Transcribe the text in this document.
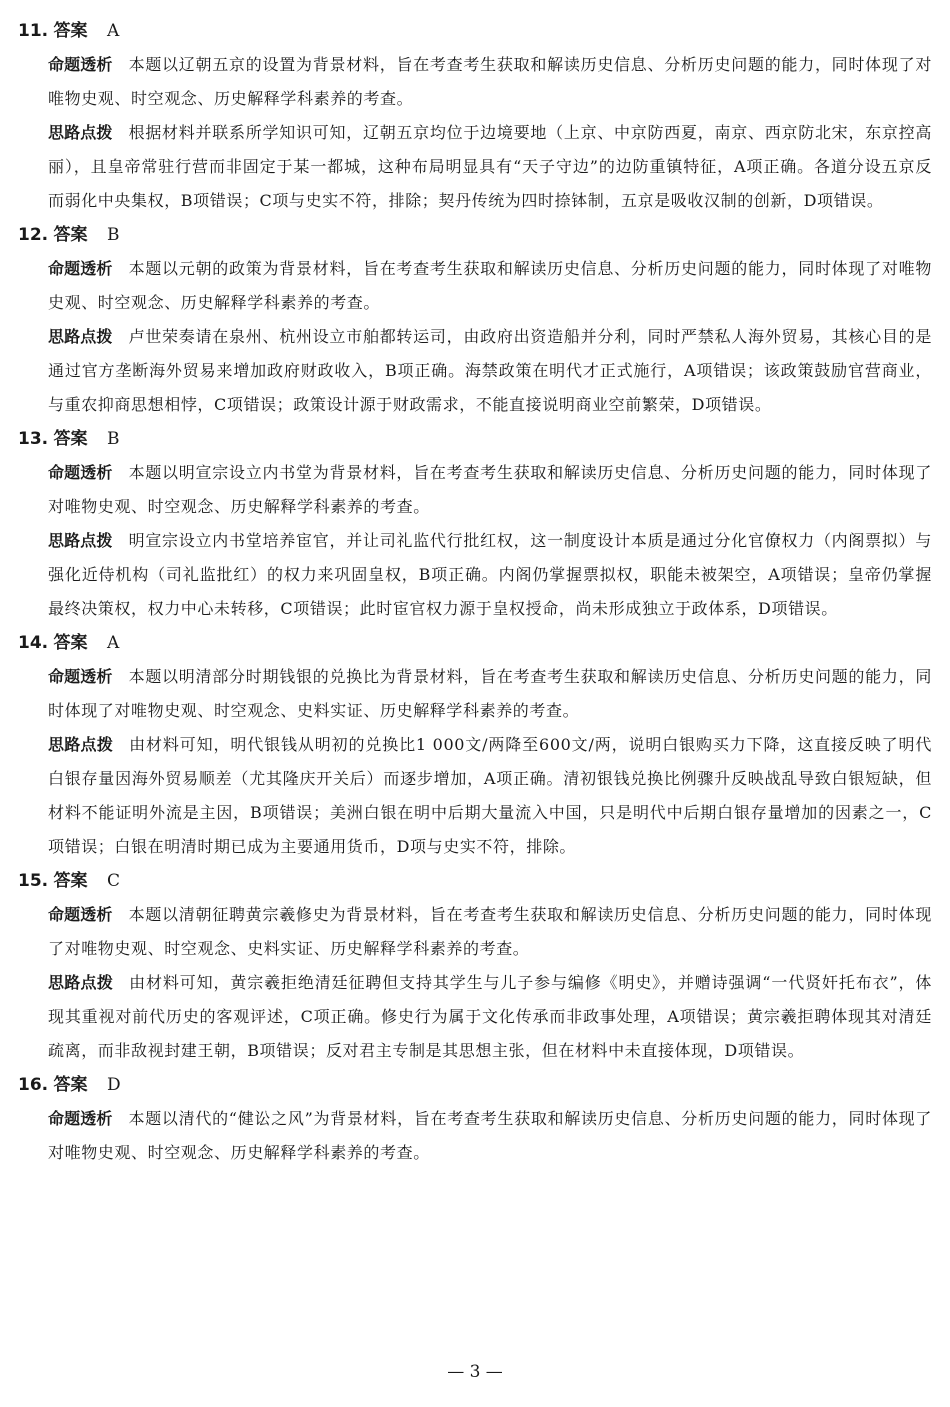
11. 答案 A

命题透析 本题以辽朝五京的设置为背景材料，旨在考查考生获取和解读历史信息、分析历史问题的能力，同时体现了对唯物史观、时空观念、历史解释学科素养的考查。

思路点拨 根据材料并联系所学知识可知，辽朝五京均位于边境要地（上京、中京防西夏，南京、西京防北宋，东京控高丽），且皇帝常驻行营而非固定于某一都城，这种布局明显具有“天子守边”的边防重镇特征，A项正确。各道分设五京反而弱化中央集权，B项错误；C项与史实不符，排除；契丹传统为四时捺钵制，五京是吸收汉制的创新，D项错误。

12. 答案 B

命题透析 本题以元朝的政策为背景材料，旨在考查考生获取和解读历史信息、分析历史问题的能力，同时体现了对唯物史观、时空观念、历史解释学科素养的考查。

思路点拨 卢世荣奏请在泉州、杭州设立市舶都转运司，由政府出资造船并分利，同时严禁私人海外贸易，其核心目的是通过官方垄断海外贸易来增加政府财政收入，B项正确。海禁政策在明代才正式施行，A项错误；该政策鼓励官营商业，与重农抑商思想相悖，C项错误；政策设计源于财政需求，不能直接说明商业空前繁荣，D项错误。

13. 答案 B

命题透析 本题以明宣宗设立内书堂为背景材料，旨在考查考生获取和解读历史信息、分析历史问题的能力，同时体现了对唯物史观、时空观念、历史解释学科素养的考查。

思路点拨 明宣宗设立内书堂培养宦官，并让司礼监代行批红权，这一制度设计本质是通过分化官僚权力（内阁票拟）与强化近侍机构（司礼监批红）的权力来巩固皇权，B项正确。内阁仍掌握票拟权，职能未被架空，A项错误；皇帝仍掌握最终决策权，权力中心未转移，C项错误；此时宦官权力源于皇权授命，尚未形成独立于政体系，D项错误。

14. 答案 A

命题透析 本题以明清部分时期钱银的兑换比为背景材料，旨在考查考生获取和解读历史信息、分析历史问题的能力，同时体现了对唯物史观、时空观念、史料实证、历史解释学科素养的考查。

思路点拨 由材料可知，明代银钱从明初的兑换比1 000文/两降至600文/两，说明白银购买力下降，这直接反映了明代白银存量因海外贸易顺差（尤其隆庆开关后）而逐步增加，A项正确。清初银钱兑换比例骤升反映战乱导致白银短缺，但材料不能证明外流是主因，B项错误；美洲白银在明中后期大量流入中国，只是明代中后期白银存量增加的因素之一，C项错误；白银在明清时期已成为主要通用货币，D项与史实不符，排除。

15. 答案 C

命题透析 本题以清朝征聘黄宗羲修史为背景材料，旨在考查考生获取和解读历史信息、分析历史问题的能力，同时体现了对唯物史观、时空观念、史料实证、历史解释学科素养的考查。

思路点拨 由材料可知，黄宗羲拒绝清廷征聘但支持其学生与儿子参与编修《明史》，并赠诗强调“一代贤奸托布衣”，体现其重视对前代历史的客观评述，C项正确。修史行为属于文化传承而非政事处理，A项错误；黄宗羲拒聘体现其对清廷疏离，而非敌视封建王朝，B项错误；反对君主专制是其思想主张，但在材料中未直接体现，D项错误。

16. 答案 D

命题透析 本题以清代的“健讼之风”为背景材料，旨在考查考生获取和解读历史信息、分析历史问题的能力，同时体现了对唯物史观、时空观念、历史解释学科素养的考查。

— 3 —
